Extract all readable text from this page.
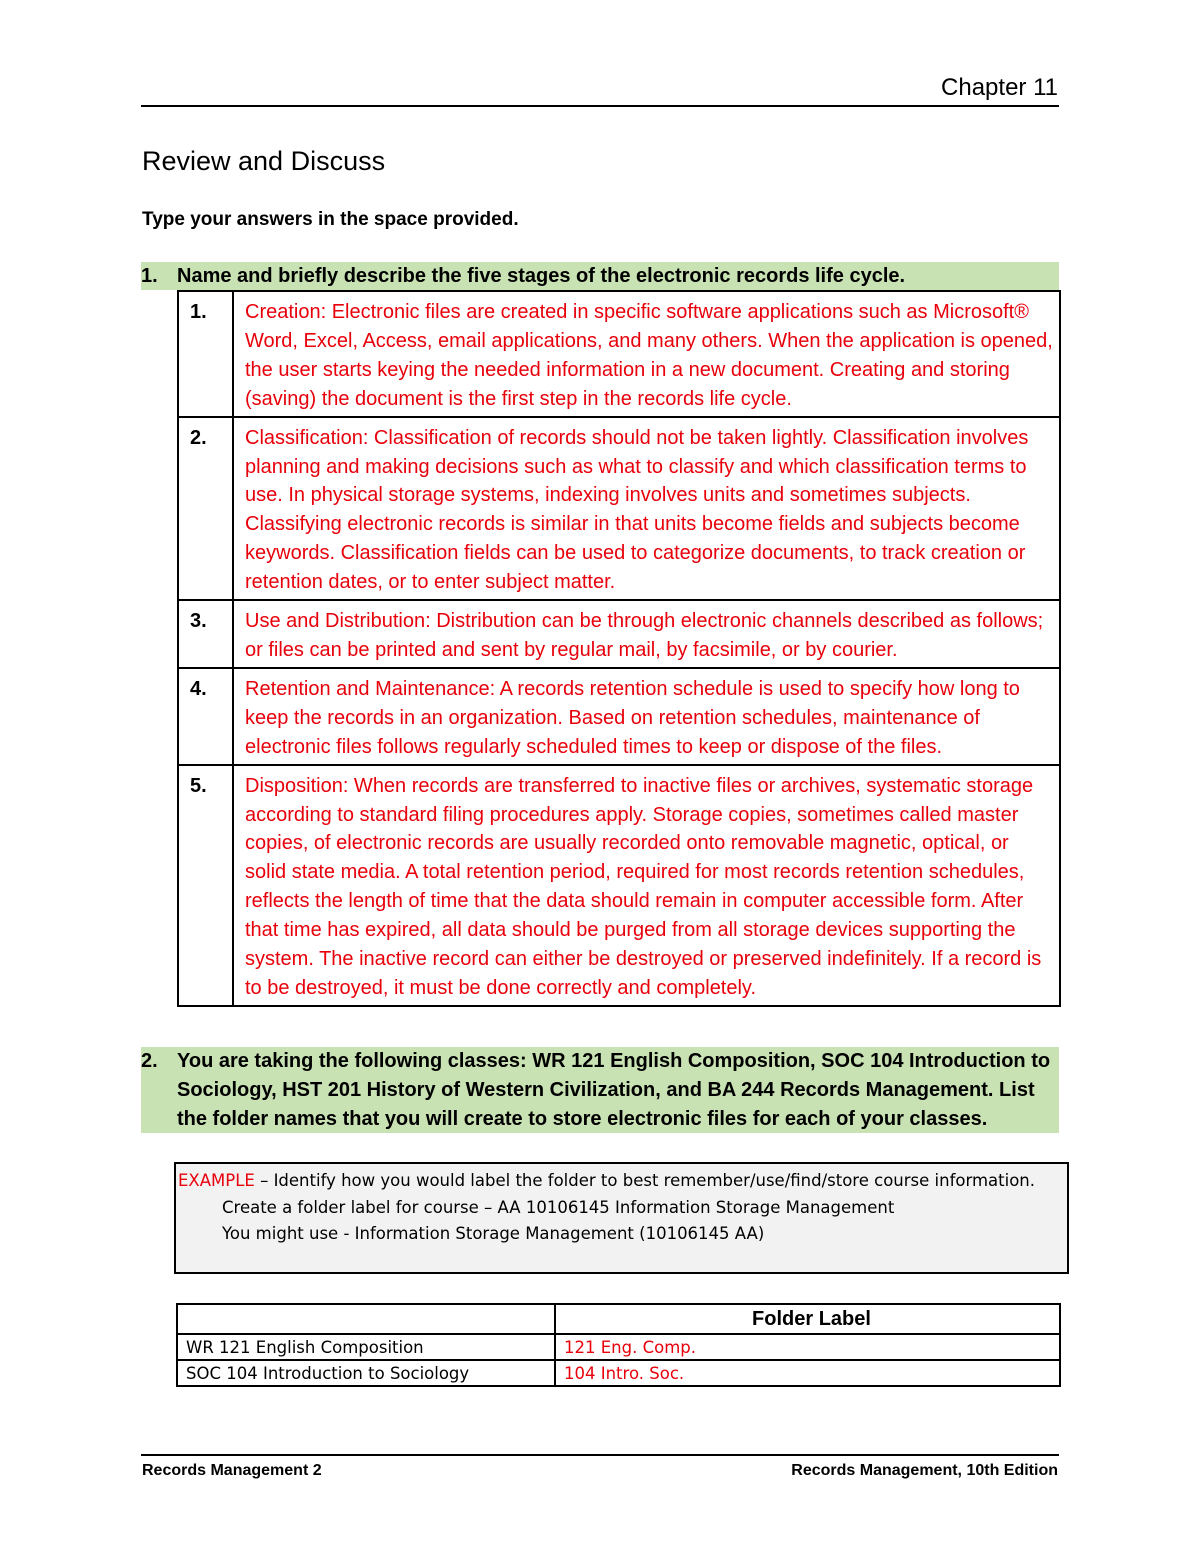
Chapter 11
Review and Discuss
Type your answers in the space provided.
1. Name and briefly describe the five stages of the electronic records life cycle.
1.	Creation: Electronic files are created in specific software applications such as Microsoft® Word, Excel, Access, email applications, and many others. When the application is opened, the user starts keying the needed information in a new document. Creating and storing (saving) the document is the first step in the records life cycle.
2.	Classification: Classification of records should not be taken lightly. Classification involves planning and making decisions such as what to classify and which classification terms to use. In physical storage systems, indexing involves units and sometimes subjects. Classifying electronic records is similar in that units become fields and subjects become keywords. Classification fields can be used to categorize documents, to track creation or retention dates, or to enter subject matter.
3.	Use and Distribution: Distribution can be through electronic channels described as follows; or files can be printed and sent by regular mail, by facsimile, or by courier.
4.	Retention and Maintenance: A records retention schedule is used to specify how long to keep the records in an organization. Based on retention schedules, maintenance of electronic files follows regularly scheduled times to keep or dispose of the files.
5.	Disposition: When records are transferred to inactive files or archives, systematic storage according to standard filing procedures apply. Storage copies, sometimes called master copies, of electronic records are usually recorded onto removable magnetic, optical, or solid state media. A total retention period, required for most records retention schedules, reflects the length of time that the data should remain in computer accessible form. After that time has expired, all data should be purged from all storage devices supporting the system. The inactive record can either be destroyed or preserved indefinitely. If a record is to be destroyed, it must be done correctly and completely.
2. You are taking the following classes: WR 121 English Composition, SOC 104 Introduction to Sociology, HST 201 History of Western Civilization, and BA 244 Records Management. List the folder names that you will create to store electronic files for each of your classes.
EXAMPLE – Identify how you would label the folder to best remember/use/find/store course information.
Create a folder label for course – AA 10106145 Information Storage Management
You might use - Information Storage Management (10106145 AA)
	Folder Label
WR 121 English Composition	121 Eng. Comp.
SOC 104 Introduction to Sociology	104 Intro. Soc.
Records Management 2	Records Management, 10th Edition
